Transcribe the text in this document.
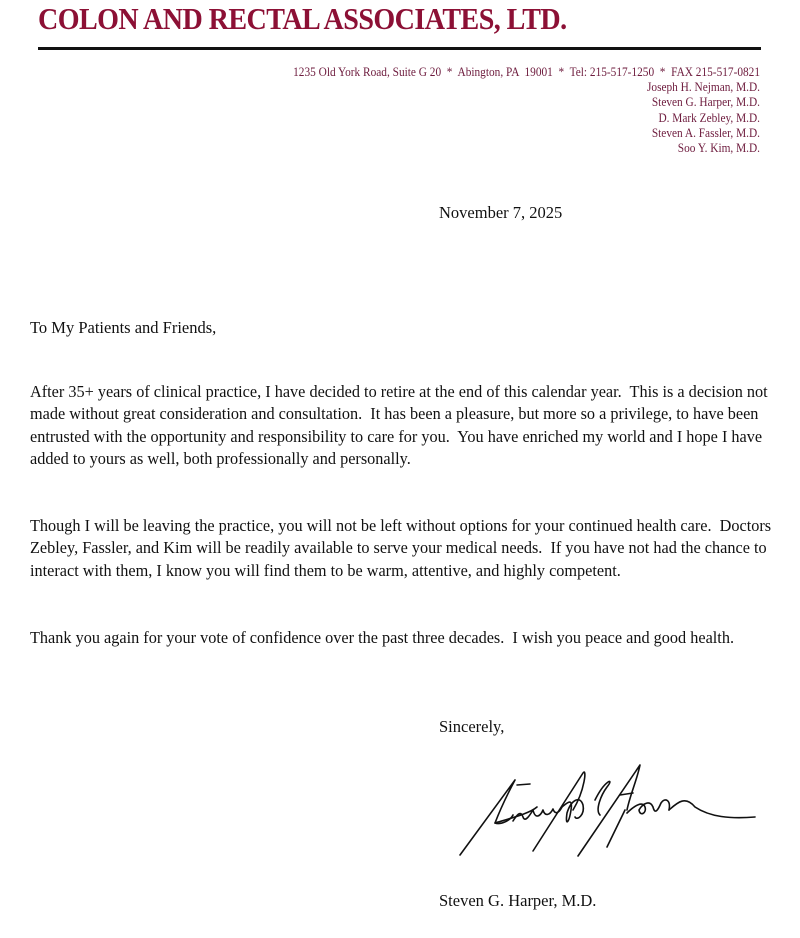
COLON AND RECTAL ASSOCIATES, LTD.
1235 Old York Road, Suite G 20  *  Abington, PA  19001  *  Tel: 215-517-1250  *  FAX 215-517-0821
Joseph H. Nejman, M.D.
Steven G. Harper, M.D.
D. Mark Zebley, M.D.
Steven A. Fassler, M.D.
Soo Y. Kim, M.D.
November 7, 2025
To My Patients and Friends,
After 35+ years of clinical practice, I have decided to retire at the end of this calendar year.  This is a decision not made without great consideration and consultation.  It has been a pleasure, but more so a privilege, to have been entrusted with the opportunity and responsibility to care for you.  You have enriched my world and I hope I have added to yours as well, both professionally and personally.
Though I will be leaving the practice, you will not be left without options for your continued health care.  Doctors Zebley, Fassler, and Kim will be readily available to serve your medical needs.  If you have not had the chance to interact with them, I know you will find them to be warm, attentive, and highly competent.
Thank you again for your vote of confidence over the past three decades.  I wish you peace and good health.
Sincerely,
Steven G. Harper, M.D.
